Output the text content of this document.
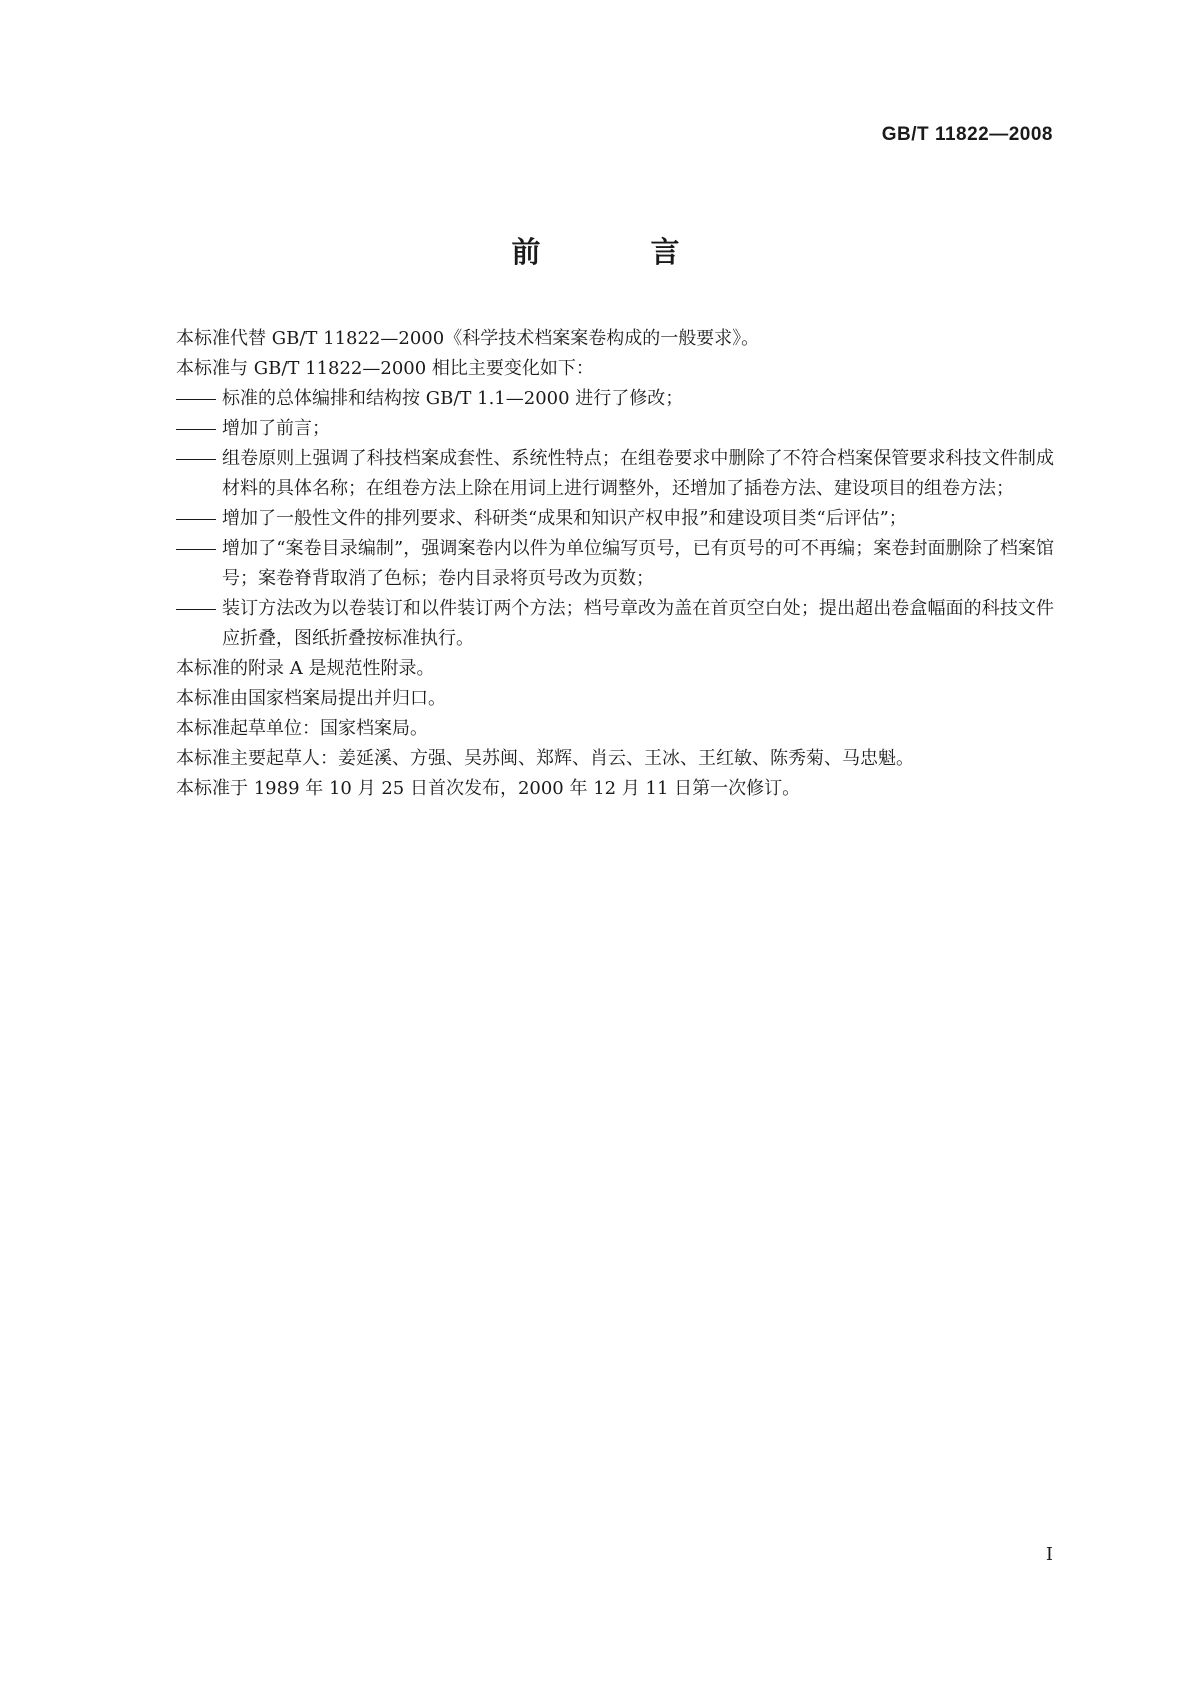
GB/T 11822—2008
前 言

本标准代替 GB/T 11822—2000《科学技术档案案卷构成的一般要求》。

本标准与 GB/T 11822—2000 相比主要变化如下：

标准的总体编排和结构按 GB/T 1.1—2000 进行了修改；
增加了前言；
组卷原则上强调了科技档案成套性、系统性特点；在组卷要求中删除了不符合档案保管要求科技文件制成材料的具体名称；在组卷方法上除在用词上进行调整外，还增加了插卷方法、建设项目的组卷方法；
增加了一般性文件的排列要求、科研类“成果和知识产权申报”和建设项目类“后评估”；
增加了“案卷目录编制”，强调案卷内以件为单位编写页号，已有页号的可不再编；案卷封面删除了档案馆号；案卷脊背取消了色标；卷内目录将页号改为页数；
装订方法改为以卷装订和以件装订两个方法；档号章改为盖在首页空白处；提出超出卷盒幅面的科技文件应折叠，图纸折叠按标准执行。

本标准的附录 A 是规范性附录。

本标准由国家档案局提出并归口。

本标准起草单位：国家档案局。

本标准主要起草人：姜延溪、方强、吴苏闽、郑辉、肖云、王冰、王红敏、陈秀菊、马忠魁。

本标准于 1989 年 10 月 25 日首次发布，2000 年 12 月 11 日第一次修订。

I
